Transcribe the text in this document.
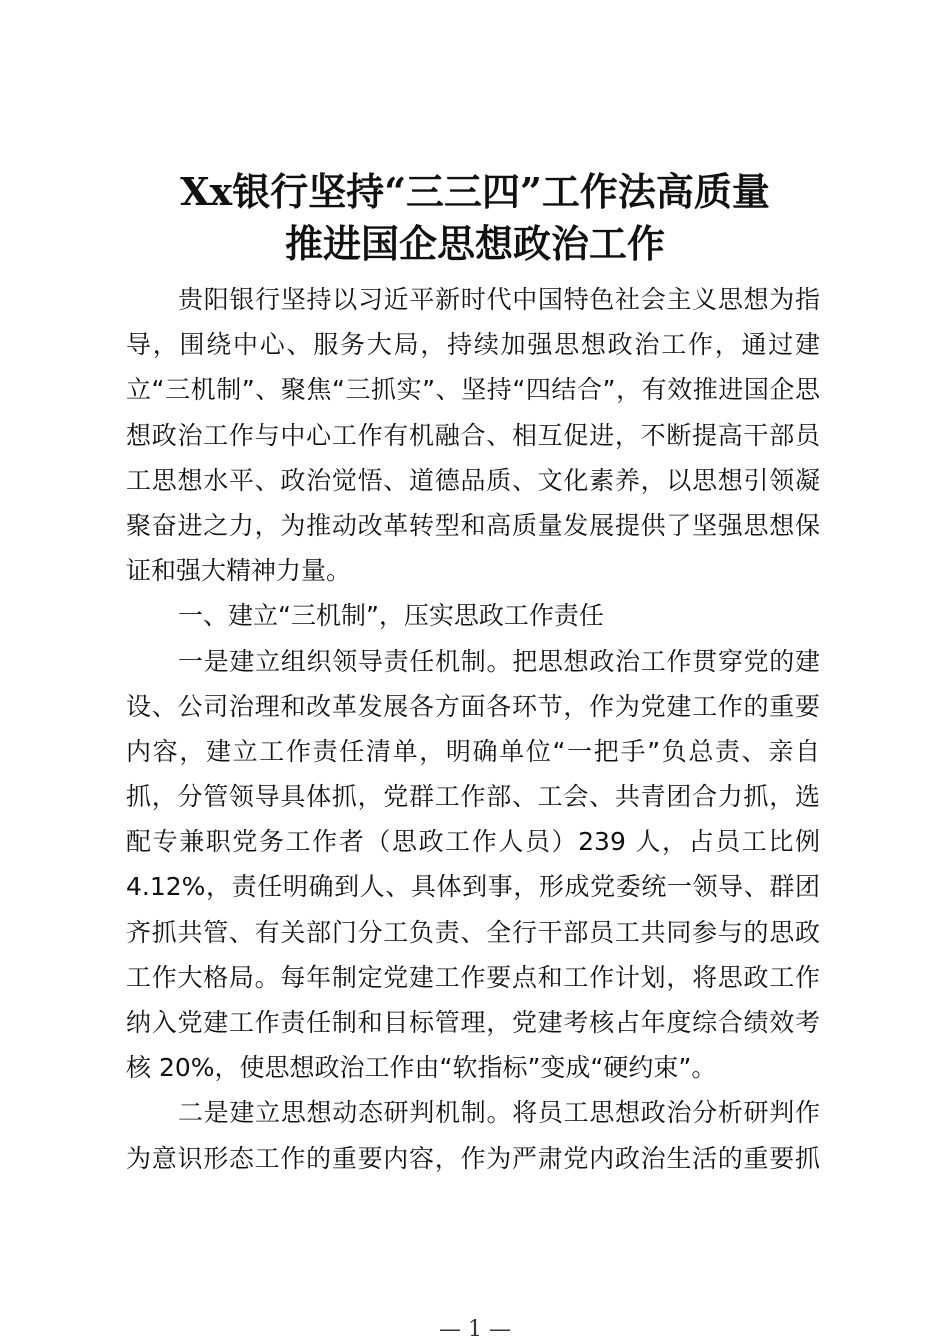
Xx银行坚持“三三四”工作法高质量
推进国企思想政治工作
贵阳银行坚持以习近平新时代中国特色社会主义思想为指
导，围绕中心、服务大局，持续加强思想政治工作，通过建
立“三机制”、聚焦“三抓实”、坚持“四结合”，有效推进国企思
想政治工作与中心工作有机融合、相互促进，不断提高干部员
工思想水平、政治觉悟、道德品质、文化素养，以思想引领凝
聚奋进之力，为推动改革转型和高质量发展提供了坚强思想保
证和强大精神力量。
一、建立“三机制”，压实思政工作责任
一是建立组织领导责任机制。把思想政治工作贯穿党的建
设、公司治理和改革发展各方面各环节，作为党建工作的重要
内容，建立工作责任清单，明确单位“一把手”负总责、亲自
抓，分管领导具体抓，党群工作部、工会、共青团合力抓，选
配专兼职党务工作者（思政工作人员）239 人，占员工比例
4.12%，责任明确到人、具体到事，形成党委统一领导、群团
齐抓共管、有关部门分工负责、全行干部员工共同参与的思政
工作大格局。每年制定党建工作要点和工作计划，将思政工作
纳入党建工作责任制和目标管理，党建考核占年度综合绩效考
核 20%，使思想政治工作由“软指标”变成“硬约束”。
二是建立思想动态研判机制。将员工思想政治分析研判作
为意识形态工作的重要内容，作为严肃党内政治生活的重要抓
— 1 —
